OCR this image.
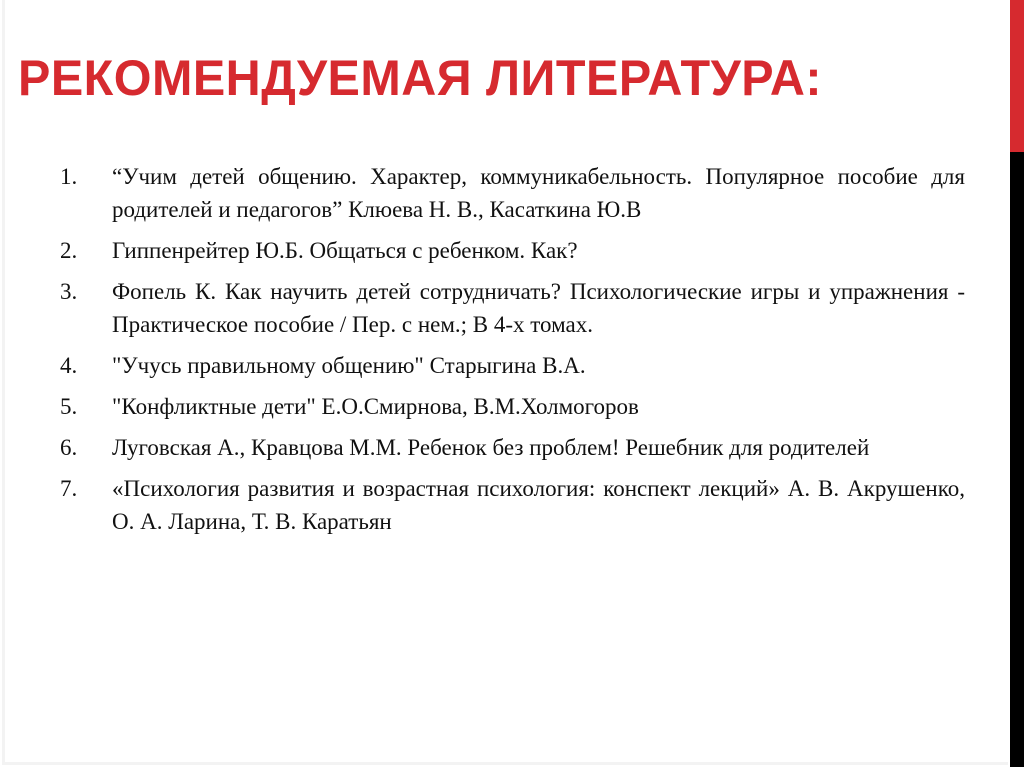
РЕКОМЕНДУЕМАЯ ЛИТЕРАТУРА:
1. “Учим детей общению. Характер, коммуникабельность. Популярное пособие для родителей и педагогов” Клюева Н. В., Касаткина Ю.В
2. Гиппенрейтер Ю.Б. Общаться с ребенком. Как?
3. Фопель К. Как научить детей сотрудничать? Психологические игры и упражнения - Практическое пособие / Пер. с нем.; В 4-х томах.
4. "Учусь правильному общению" Старыгина В.А.
5. "Конфликтные дети" Е.О.Смирнова, В.М.Холмогоров
6. Луговская А., Кравцова М.М. Ребенок без проблем! Решебник для родителей
7. «Психология развития и возрастная психология: конспект лекций» А. В. Акрушенко, О. А. Ларина, Т. В. Каратьян
